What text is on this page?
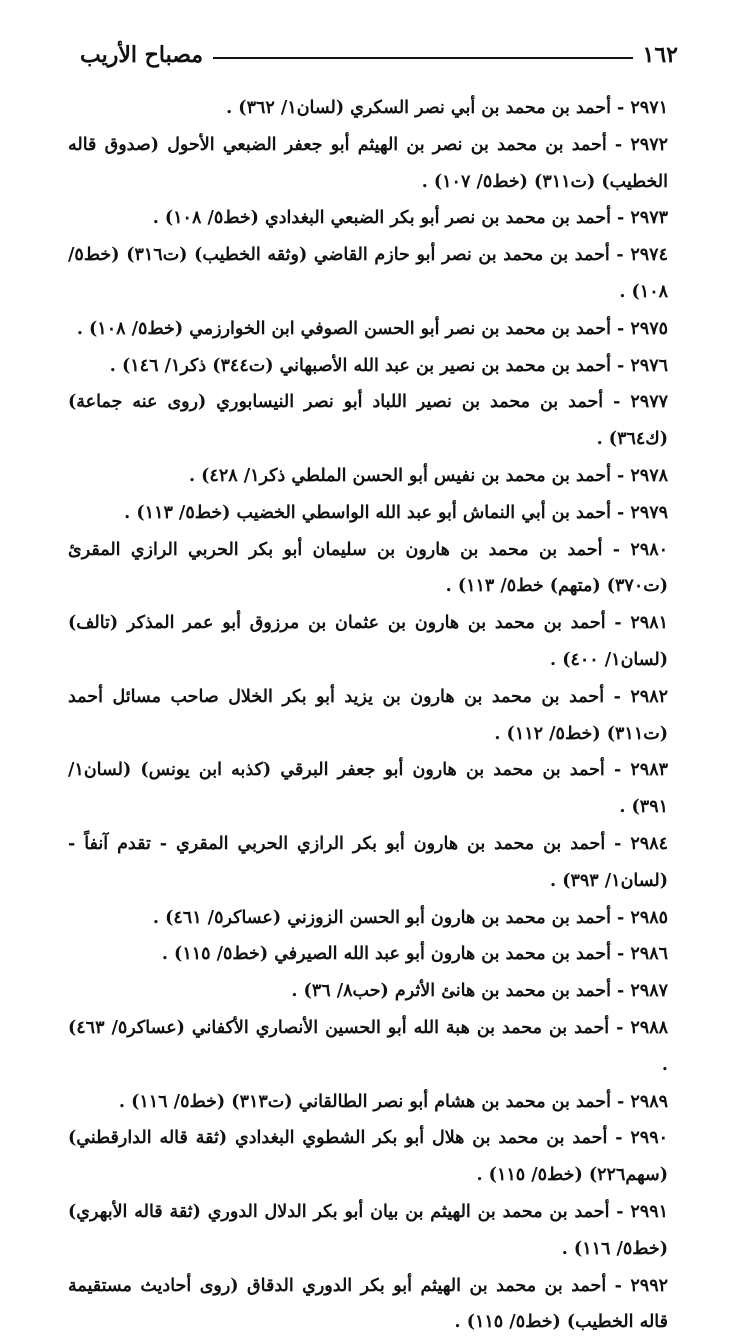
١٦٢
مصباح الأريب
٢٩٧١ - أحمد بن محمد بن أبي نصر السكري (لسان١/ ٣٦٢) .
٢٩٧٢ - أحمد بن محمد بن نصر بن الهيثم أبو جعفر الضبعي الأحول (صدوق قاله الخطيب) (ت٣١١) (خط٥/ ١٠٧) .
٢٩٧٣ - أحمد بن محمد بن نصر أبو بكر الضبعي البغدادي (خط٥/ ١٠٨) .
٢٩٧٤ - أحمد بن محمد بن نصر أبو حازم القاضي (وثقه الخطيب) (ت٣١٦) (خط٥/ ١٠٨) .
٢٩٧٥ - أحمد بن محمد بن نصر أبو الحسن الصوفي ابن الخوارزمي (خط٥/ ١٠٨) .
٢٩٧٦ - أحمد بن محمد بن نصير بن عبد الله الأصبهاني (ت٣٤٤) ذكر١/ ١٤٦) .
٢٩٧٧ - أحمد بن محمد بن نصير اللباد أبو نصر النيسابوري (روى عنه جماعة) (ك٣٦٤) .
٢٩٧٨ - أحمد بن محمد بن نفيس أبو الحسن الملطي ذكر١/ ٤٢٨) .
٢٩٧٩ - أحمد بن أبي النماش أبو عبد الله الواسطي الخضيب (خط٥/ ١١٣) .
٢٩٨٠ - أحمد بن محمد بن هارون بن سليمان أبو بكر الحربي الرازي المقرئ (ت٣٧٠) (متهم) خط٥/ ١١٣) .
٢٩٨١ - أحمد بن محمد بن هارون بن عثمان بن مرزوق أبو عمر المذكر (تالف) (لسان١/ ٤٠٠) .
٢٩٨٢ - أحمد بن محمد بن هارون بن يزيد أبو بكر الخلال صاحب مسائل أحمد (ت٣١١) (خط٥/ ١١٢) .
٢٩٨٣ - أحمد بن محمد بن هارون أبو جعفر البرقي (كذبه ابن يونس) (لسان١/ ٣٩١) .
٢٩٨٤ - أحمد بن محمد بن هارون أبو بكر الرازي الحربي المقري - تقدم آنفاً - (لسان١/ ٣٩٣) .
٢٩٨٥ - أحمد بن محمد بن هارون أبو الحسن الزوزني (عساكر٥/ ٤٦١) .
٢٩٨٦ - أحمد بن محمد بن هارون أبو عبد الله الصيرفي (خط٥/ ١١٥) .
٢٩٨٧ - أحمد بن محمد بن هانئ الأثرم (حب٨/ ٣٦) .
٢٩٨٨ - أحمد بن محمد بن هبة الله أبو الحسين الأنصاري الأكفاني (عساكر٥/ ٤٦٣) .
٢٩٨٩ - أحمد بن محمد بن هشام أبو نصر الطالقاني (ت٣١٣) (خط٥/ ١١٦) .
٢٩٩٠ - أحمد بن محمد بن هلال أبو بكر الشطوي البغدادي (ثقة قاله الدارقطني) (سهم٢٢٦) (خط٥/ ١١٥) .
٢٩٩١ - أحمد بن محمد بن الهيثم بن بيان أبو بكر الدلال الدوري (ثقة قاله الأبهري) (خط٥/ ١١٦) .
٢٩٩٢ - أحمد بن محمد بن الهيثم أبو بكر الدوري الدقاق (روى أحاديث مستقيمة قاله الخطيب) (خط٥/ ١١٥) .
